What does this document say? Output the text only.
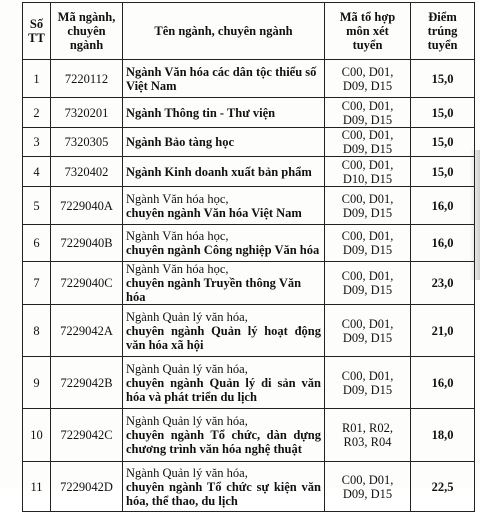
Số
TT	Mã ngành,
chuyên
ngành	Tên ngành, chuyên ngành	Mã tổ hợp
môn xét
tuyển	Điểm
trúng
tuyển

1	7220112	Ngành Văn hóa các dân tộc thiểu số
Việt Nam	C00, D01,
D09, D15	15,0
2	7320201	Ngành Thông tin - Thư viện	C00, D01,
D09, D15	15,0
3	7320305	Ngành Bảo tàng học	C00, D01,
D09, D15	15,0
4	7320402	Ngành Kinh doanh xuất bản phẩm	C00, D01,
D10, D15	15,0
5	7229040A	Ngành Văn hóa học,
chuyên ngành Văn hóa Việt Nam	C00, D01,
D09, D15	16,0
6	7229040B	Ngành Văn hóa học,
chuyên ngành Công nghiệp Văn hóa	C00, D01,
D09, D15	16,0
7	7229040C	Ngành Văn hóa học,
chuyên ngành Truyền thông Văn hóa	C00, D01,
D09, D15	23,0
8	7229042A	Ngành Quản lý văn hóa,
chuyên ngành Quản lý hoạt động
văn hóa xã hội	C00, D01,
D09, D15	21,0
9	7229042B	Ngành Quản lý văn hóa,
chuyên ngành Quản lý di sản văn
hóa và phát triển du lịch	C00, D01,
D09, D15	16,0
10	7229042C	Ngành Quản lý văn hóa,
chuyên ngành Tổ chức, dàn dựng
chương trình văn hóa nghệ thuật	R01, R02,
R03, R04	18,0
11	7229042D	Ngành Quản lý văn hóa,
chuyên ngành Tổ chức sự kiện văn
hóa, thể thao, du lịch	C00, D01,
D09, D15	22,5
